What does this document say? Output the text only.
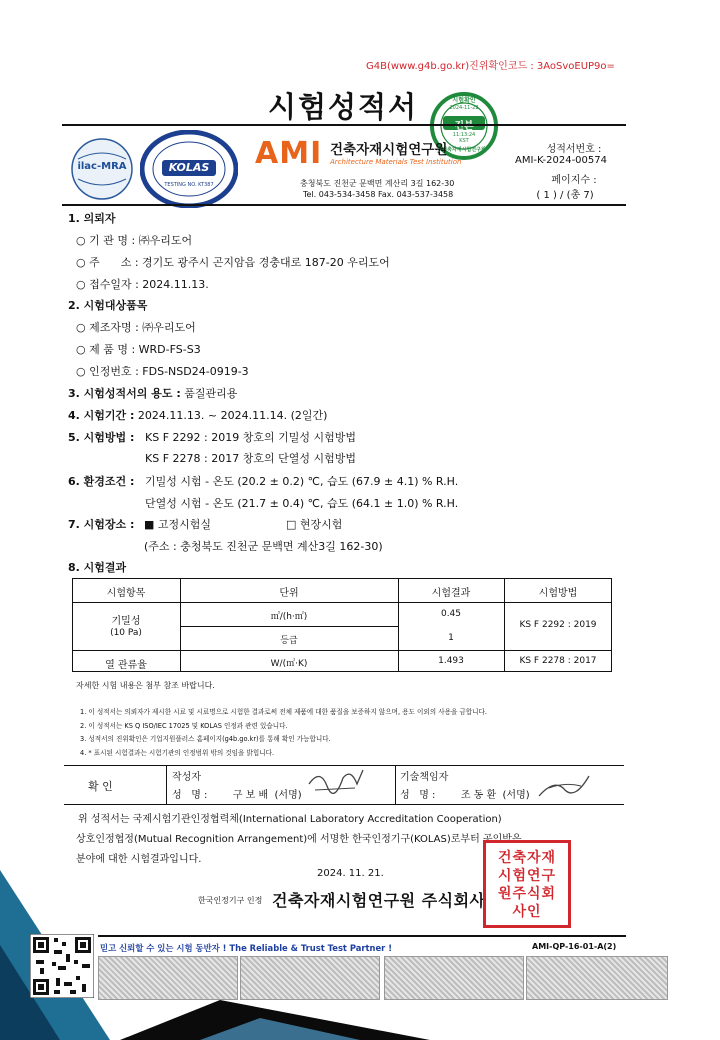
G4B(www.g4b.go.kr)진위확인코드 : 3AoSvoEUP9o=
시험성적서	시험확인
진본
2024-11-22
11:13:24
KST
건축자재시험연구원
ilac-MRA	KOLAS
TESTING NO. KT387
AMI 건축자재시험연구원
Architecture Materials Test Institution
충청북도 진천군 문백면 계산리 3길 162-30
Tel. 043-534-3458 Fax. 043-537-3458
성적서번호 :
AMI-K-2024-00574
페이지수 :
( 1 ) / (총 7)
1. 의뢰자
○ 기 관 명 : ㈜우리도어
○ 주      소 : 경기도 광주시 곤지암읍 경충대로 187-20 우리도어
○ 접수일자 : 2024.11.13.
2. 시험대상품목
○ 제조자명 : ㈜우리도어
○ 제 품 명 : WRD-FS-S3
○ 인정번호 : FDS-NSD24-0919-3
3. 시험성적서의 용도 : 품질관리용
4. 시험기간 : 2024.11.13. ~ 2024.11.14. (2일간)
5. 시험방법 : KS F 2292 : 2019 창호의 기밀성 시험방법
KS F 2278 : 2017 창호의 단열성 시험방법
6. 환경조건 : 기밀성 시험 - 온도 (20.2 ± 0.2) ℃, 습도 (67.9 ± 4.1) % R.H.
단열성 시험 - 온도 (21.7 ± 0.4) ℃, 습도 (64.1 ± 1.0) % R.H.
7. 시험장소 : ■ 고정시험실	□ 현장시험
(주소 : 충청북도 진천군 문백면 계산3길 162-30)
8. 시험결과
시험항목	단위	시험결과	시험방법
기밀성
(10 Pa)
㎥/(h·㎡)	0.45
등급	1
KS F 2292 : 2019
열 관류율	W/(㎡·K)	1.493	KS F 2278 : 2017
자세한 시험 내용은 첨부 참조 바랍니다.
1. 이 성적서는 의뢰자가 제시한 시료 및 시료명으로 시험한 결과로써 전체 제품에 대한 품질을 보증하지 않으며, 용도 이외의 사용을 금합니다.
2. 이 성적서는 KS Q ISO/IEC 17025 및 KOLAS 인정과 관련 있습니다.
3. 성적서의 진위확인은 기업지원플러스 홈페이지(g4b.go.kr)를 통해 확인 가능합니다.
4. * 표시된 시험결과는 시험기관의 인정범위 밖의 것임을 밝힙니다.
확 인
작성자
성   명 :        구 보 배  (서명)
기술책임자
성   명 :        조 동 환  (서명)
위 성적서는 국제시험기관인정협력체(International Laboratory Accreditation Cooperation)
상호인정협정(Mutual Recognition Arrangement)에 서명한 한국인정기구(KOLAS)로부터 공인받은
분야에 대한 시험결과입니다.
2024. 11. 21.
한국인정기구 인정 건축자재시험연구원 주식회사
건축자재
시험연구
원주식회
사인
믿고 신뢰할 수 있는 시험 동반자 ! The Reliable & Trust Test Partner !	AMI-QP-16-01-A(2)
